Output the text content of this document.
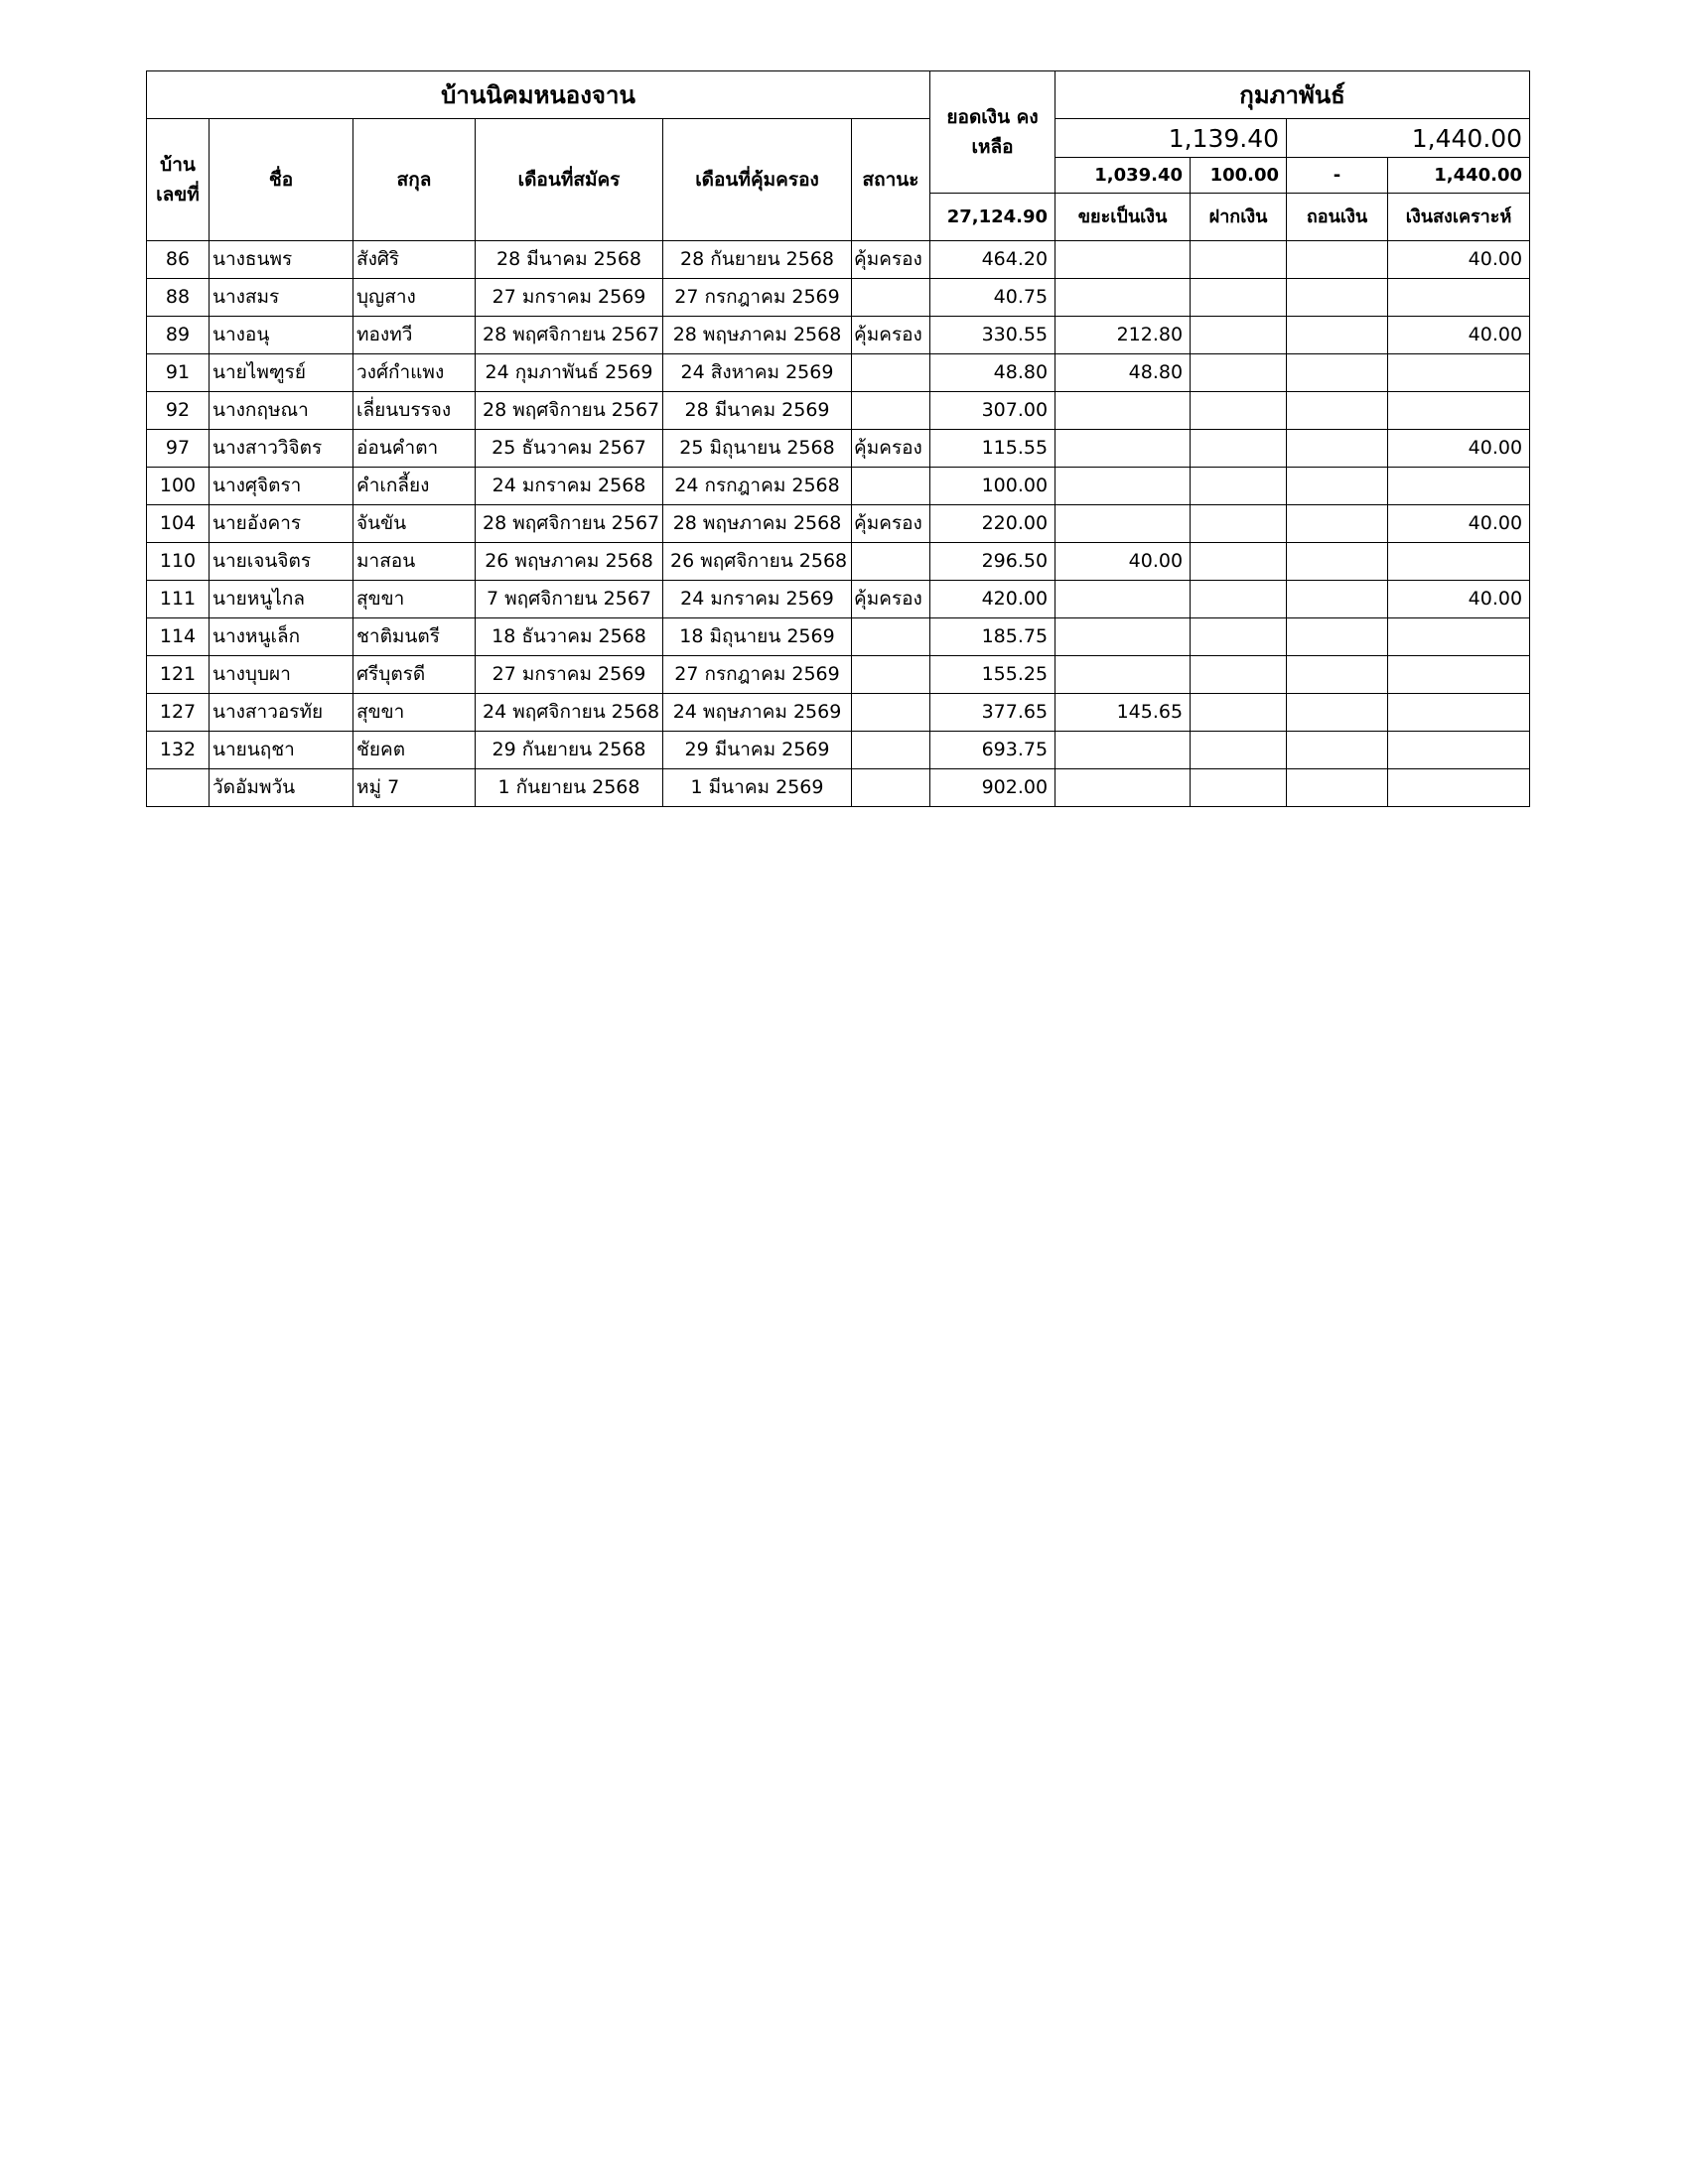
บ้านนิคมหนองจาน						ยอดเงิน คงเหลือ	กุมภาพันธ์			
บ้าน เลขที่	ชื่อ	สกุล	เดือนที่สมัคร	เดือนที่คุ้มครอง	สถานะ		1,139.40		1,440.00	
							1,039.40	100.00	-	1,440.00
						27,124.90	ขยะเป็นเงิน	ฝากเงิน	ถอนเงิน	เงินสงเคราะห์
86	นางธนพร	สังศิริ	28 มีนาคม 2568	28 กันยายน 2568	คุ้มครอง	464.20				40.00
88	นางสมร	บุญสาง	27 มกราคม 2569	27 กรกฎาคม 2569		40.75				
89	นางอนุ	ทองทวี	28 พฤศจิกายน 2567	28 พฤษภาคม 2568	คุ้มครอง	330.55	212.80			40.00
91	นายไพฑูรย์	วงศ์กำแพง	24 กุมภาพันธ์ 2569	24 สิงหาคม 2569		48.80	48.80			
92	นางกฤษณา	เลี่ยนบรรจง	28 พฤศจิกายน 2567	28 มีนาคม 2569		307.00				
97	นางสาววิจิตร	อ่อนคำตา	25 ธันวาคม 2567	25 มิถุนายน 2568	คุ้มครอง	115.55				40.00
100	นางศุจิตรา	คำเกลี้ยง	24 มกราคม 2568	24 กรกฎาคม 2568		100.00				
104	นายอังคาร	จันขัน	28 พฤศจิกายน 2567	28 พฤษภาคม 2568	คุ้มครอง	220.00				40.00
110	นายเจนจิตร	มาสอน	26 พฤษภาคม 2568	26 พฤศจิกายน 2568		296.50	40.00			
111	นายหนูไกล	สุขขา	7 พฤศจิกายน 2567	24 มกราคม 2569	คุ้มครอง	420.00				40.00
114	นางหนูเล็ก	ชาติมนตรี	18 ธันวาคม 2568	18 มิถุนายน 2569		185.75				
121	นางบุบผา	ศรีบุตรดี	27 มกราคม 2569	27 กรกฎาคม 2569		155.25				
127	นางสาวอรทัย	สุขขา	24 พฤศจิกายน 2568	24 พฤษภาคม 2569		377.65	145.65			
132	นายนฤชา	ชัยคต	29 กันยายน 2568	29 มีนาคม 2569		693.75				
	วัดอัมพวัน	หมู่ 7	1 กันยายน 2568	1 มีนาคม 2569		902.00				
